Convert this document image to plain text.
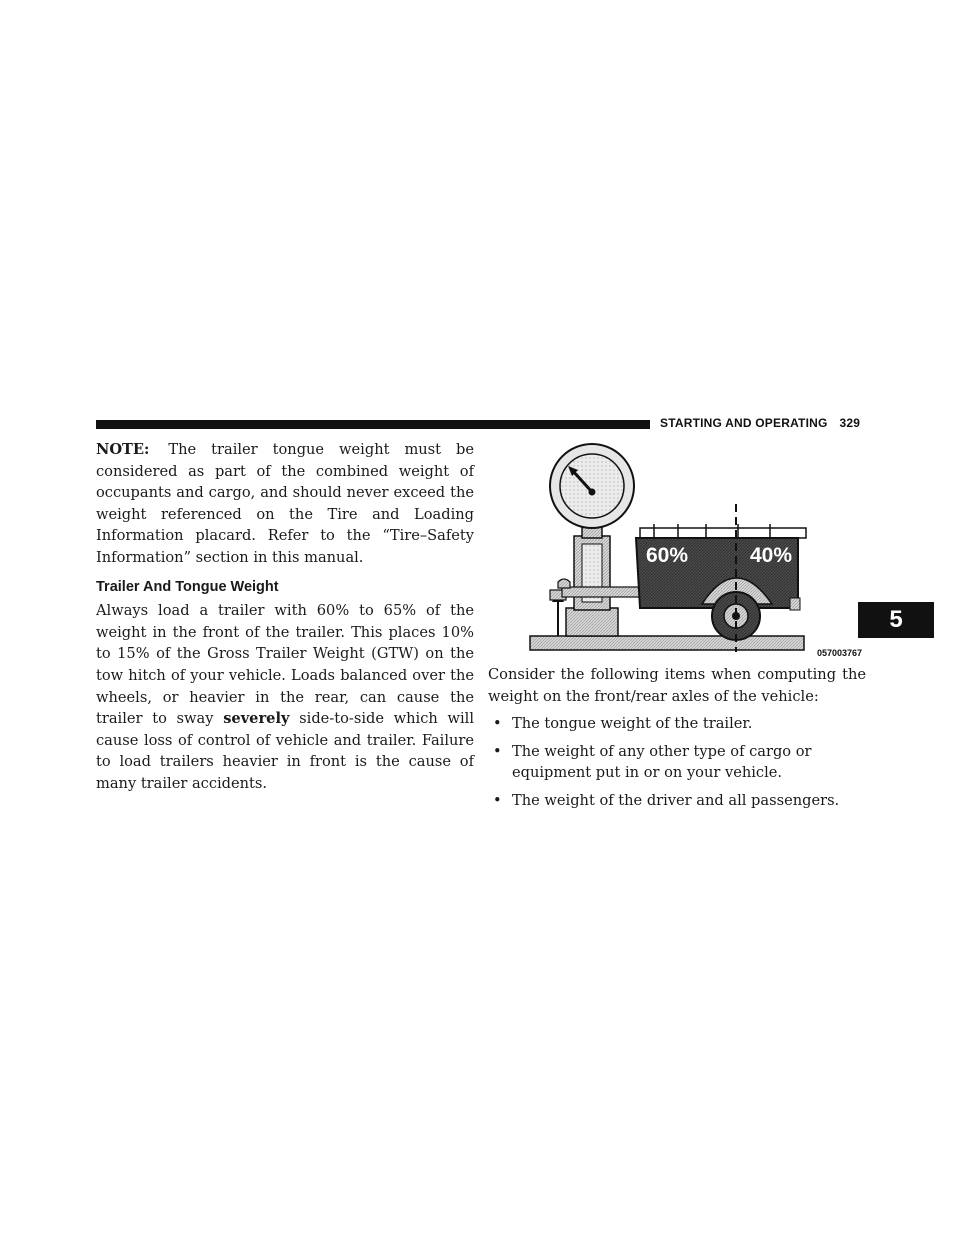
STARTING AND OPERATING 329
5

NOTE: The trailer tongue weight must be considered as part of the combined weight of occupants and cargo, and should never exceed the weight referenced on the Tire and Loading Information placard. Refer to the “Tire–Safety Information” section in this manual.

Trailer And Tongue Weight

Always load a trailer with 60% to 65% of the weight in the front of the trailer. This places 10% to 15% of the Gross Trailer Weight (GTW) on the tow hitch of your vehicle. Loads balanced over the wheels, or heavier in the rear, can cause the trailer to sway severely side-to-side which will cause loss of control of vehicle and trailer. Failure to load trailers heavier in front is the cause of many trailer accidents.

60%	40%
057003767

Consider the following items when computing the weight on the front/rear axles of the vehicle:

• The tongue weight of the trailer.
• The weight of any other type of cargo or equipment put in or on your vehicle.
• The weight of the driver and all passengers.
